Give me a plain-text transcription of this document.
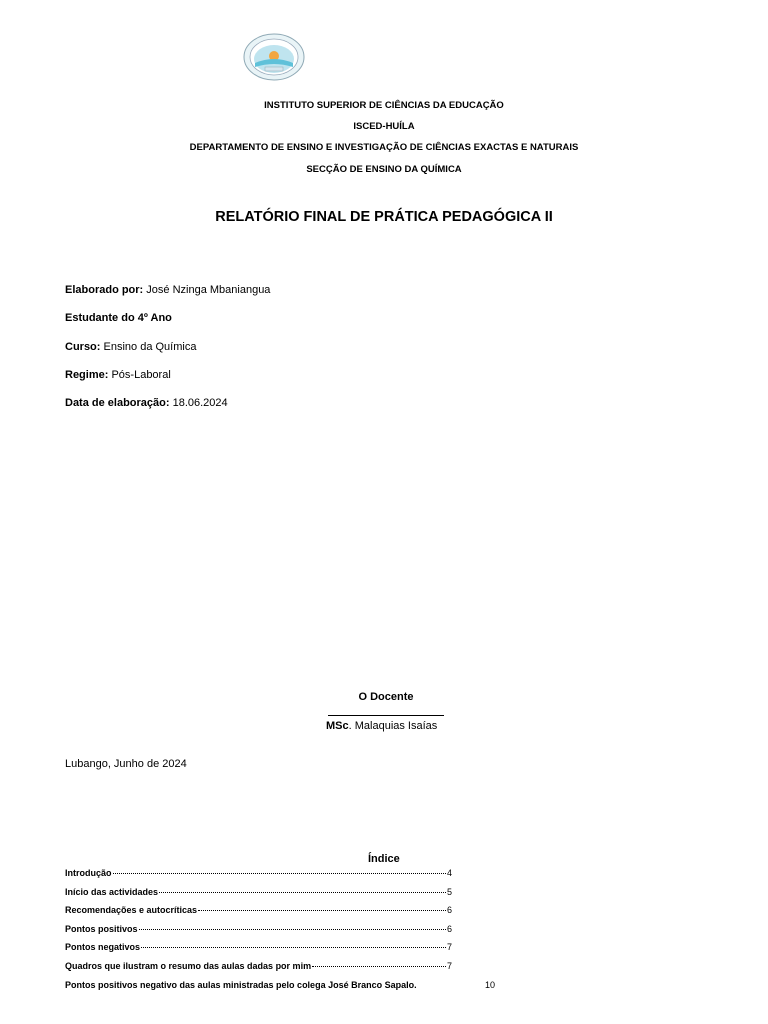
INSTITUTO SUPERIOR DE CIÊNCIAS DA EDUCAÇÃO
ISCED-HUÍLA
DEPARTAMENTO DE ENSINO E INVESTIGAÇÃO DE CIÊNCIAS EXACTAS E NATURAIS
SECÇÃO DE ENSINO DA QUÍMICA
RELATÓRIO FINAL DE PRÁTICA PEDAGÓGICA II
Elaborado por: José Nzinga Mbaniangua
Estudante do 4º Ano
Curso: Ensino da Química
Regime: Pós-Laboral
Data de elaboração: 18.06.2024
O Docente
MSc. Malaquias Isaías
Lubango, Junho de 2024
Índice
Introdução	4
Início das actividades	5
Recomendações e autocríticas	6
Pontos positivos	6
Pontos negativos	7
Quadros que ilustram o resumo das aulas dadas por mim	7
Pontos positivos negativo das aulas ministradas pelo colega José Branco Sapalo.	10
